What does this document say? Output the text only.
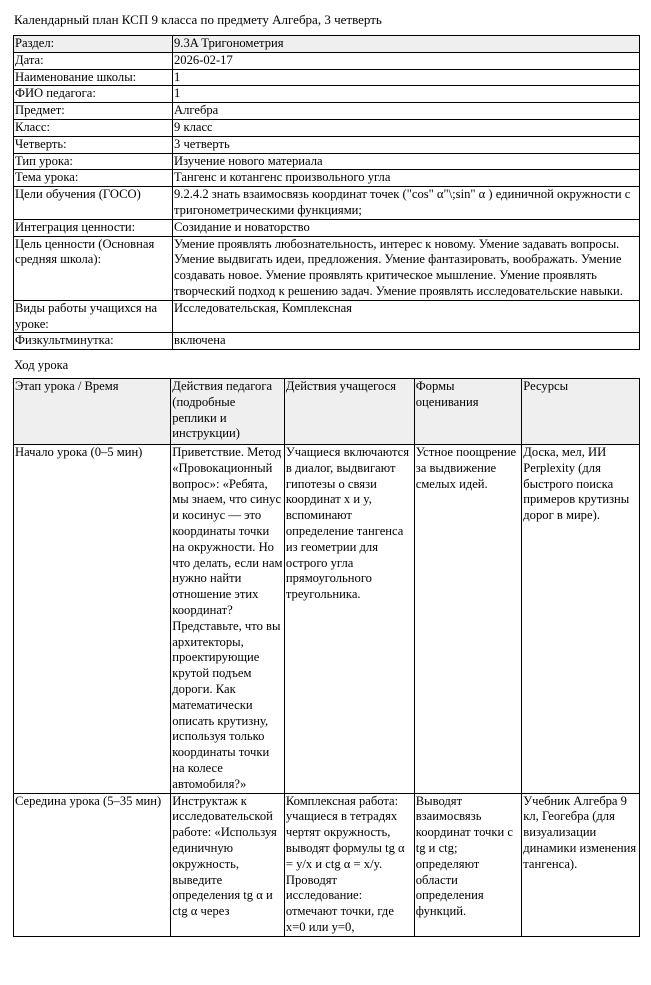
Календарный план КСП 9 класса по предмету Алгебра, 3 четверть
Раздел:	9.3A Тригонометрия
Дата:	2026-02-17
Наименование школы:	1
ФИО педагога:	1
Предмет:	Алгебра
Класс:	9 класс
Четверть:	3 четверть
Тип урока:	Изучение нового материала
Тема урока:	Тангенс и котангенс произвольного угла
Цели обучения (ГОСО)	9.2.4.2 знать взаимосвязь координат точек ("cos" α"\;sin" α ) единичной окружности с тригонометрическими функциями;
Интеграция ценности:	Созидание и новаторство
Цель ценности (Основная средняя школа):	Умение проявлять любознательность, интерес к новому. Умение задавать вопросы. Умение выдвигать идеи, предложения. Умение фантазировать, воображать. Умение создавать новое. Умение проявлять критическое мышление. Умение проявлять творческий подход к решению задач. Умение проявлять исследовательские навыки.
Виды работы учащихся на уроке:	Исследовательская, Комплексная
Физкультминутка:	включена
Ход урока
Этап урока / Время	Действия педагога (подробные реплики и инструкции)	Действия учащегося	Формы оценивания	Ресурсы
Начало урока (0–5 мин)	Приветствие. Метод «Провокационный вопрос»: «Ребята, мы знаем, что синус и косинус — это координаты точки на окружности. Но что делать, если нам нужно найти отношение этих координат? Представьте, что вы архитекторы, проектирующие крутой подъем дороги. Как математически описать крутизну, используя только координаты точки на колесе автомобиля?»	Учащиеся включаются в диалог, выдвигают гипотезы о связи координат x и y, вспоминают определение тангенса из геометрии для острого угла прямоугольного треугольника.	Устное поощрение за выдвижение смелых идей.	Доска, мел, ИИ Perplexity (для быстрого поиска примеров крутизны дорог в мире).
Середина урока (5–35 мин)	Инструктаж к исследовательской работе: «Используя единичную окружность, выведите определения tg α и ctg α через	Комплексная работа: учащиеся в тетрадях чертят окружность, выводят формулы tg α = y/x и ctg α = x/y. Проводят исследование: отмечают точки, где x=0 или y=0,	Выводят взаимосвязь координат точки с tg и ctg; определяют области определения функций.	Учебник Алгебра 9 кл, Геогебра (для визуализации динамики изменения тангенса).
